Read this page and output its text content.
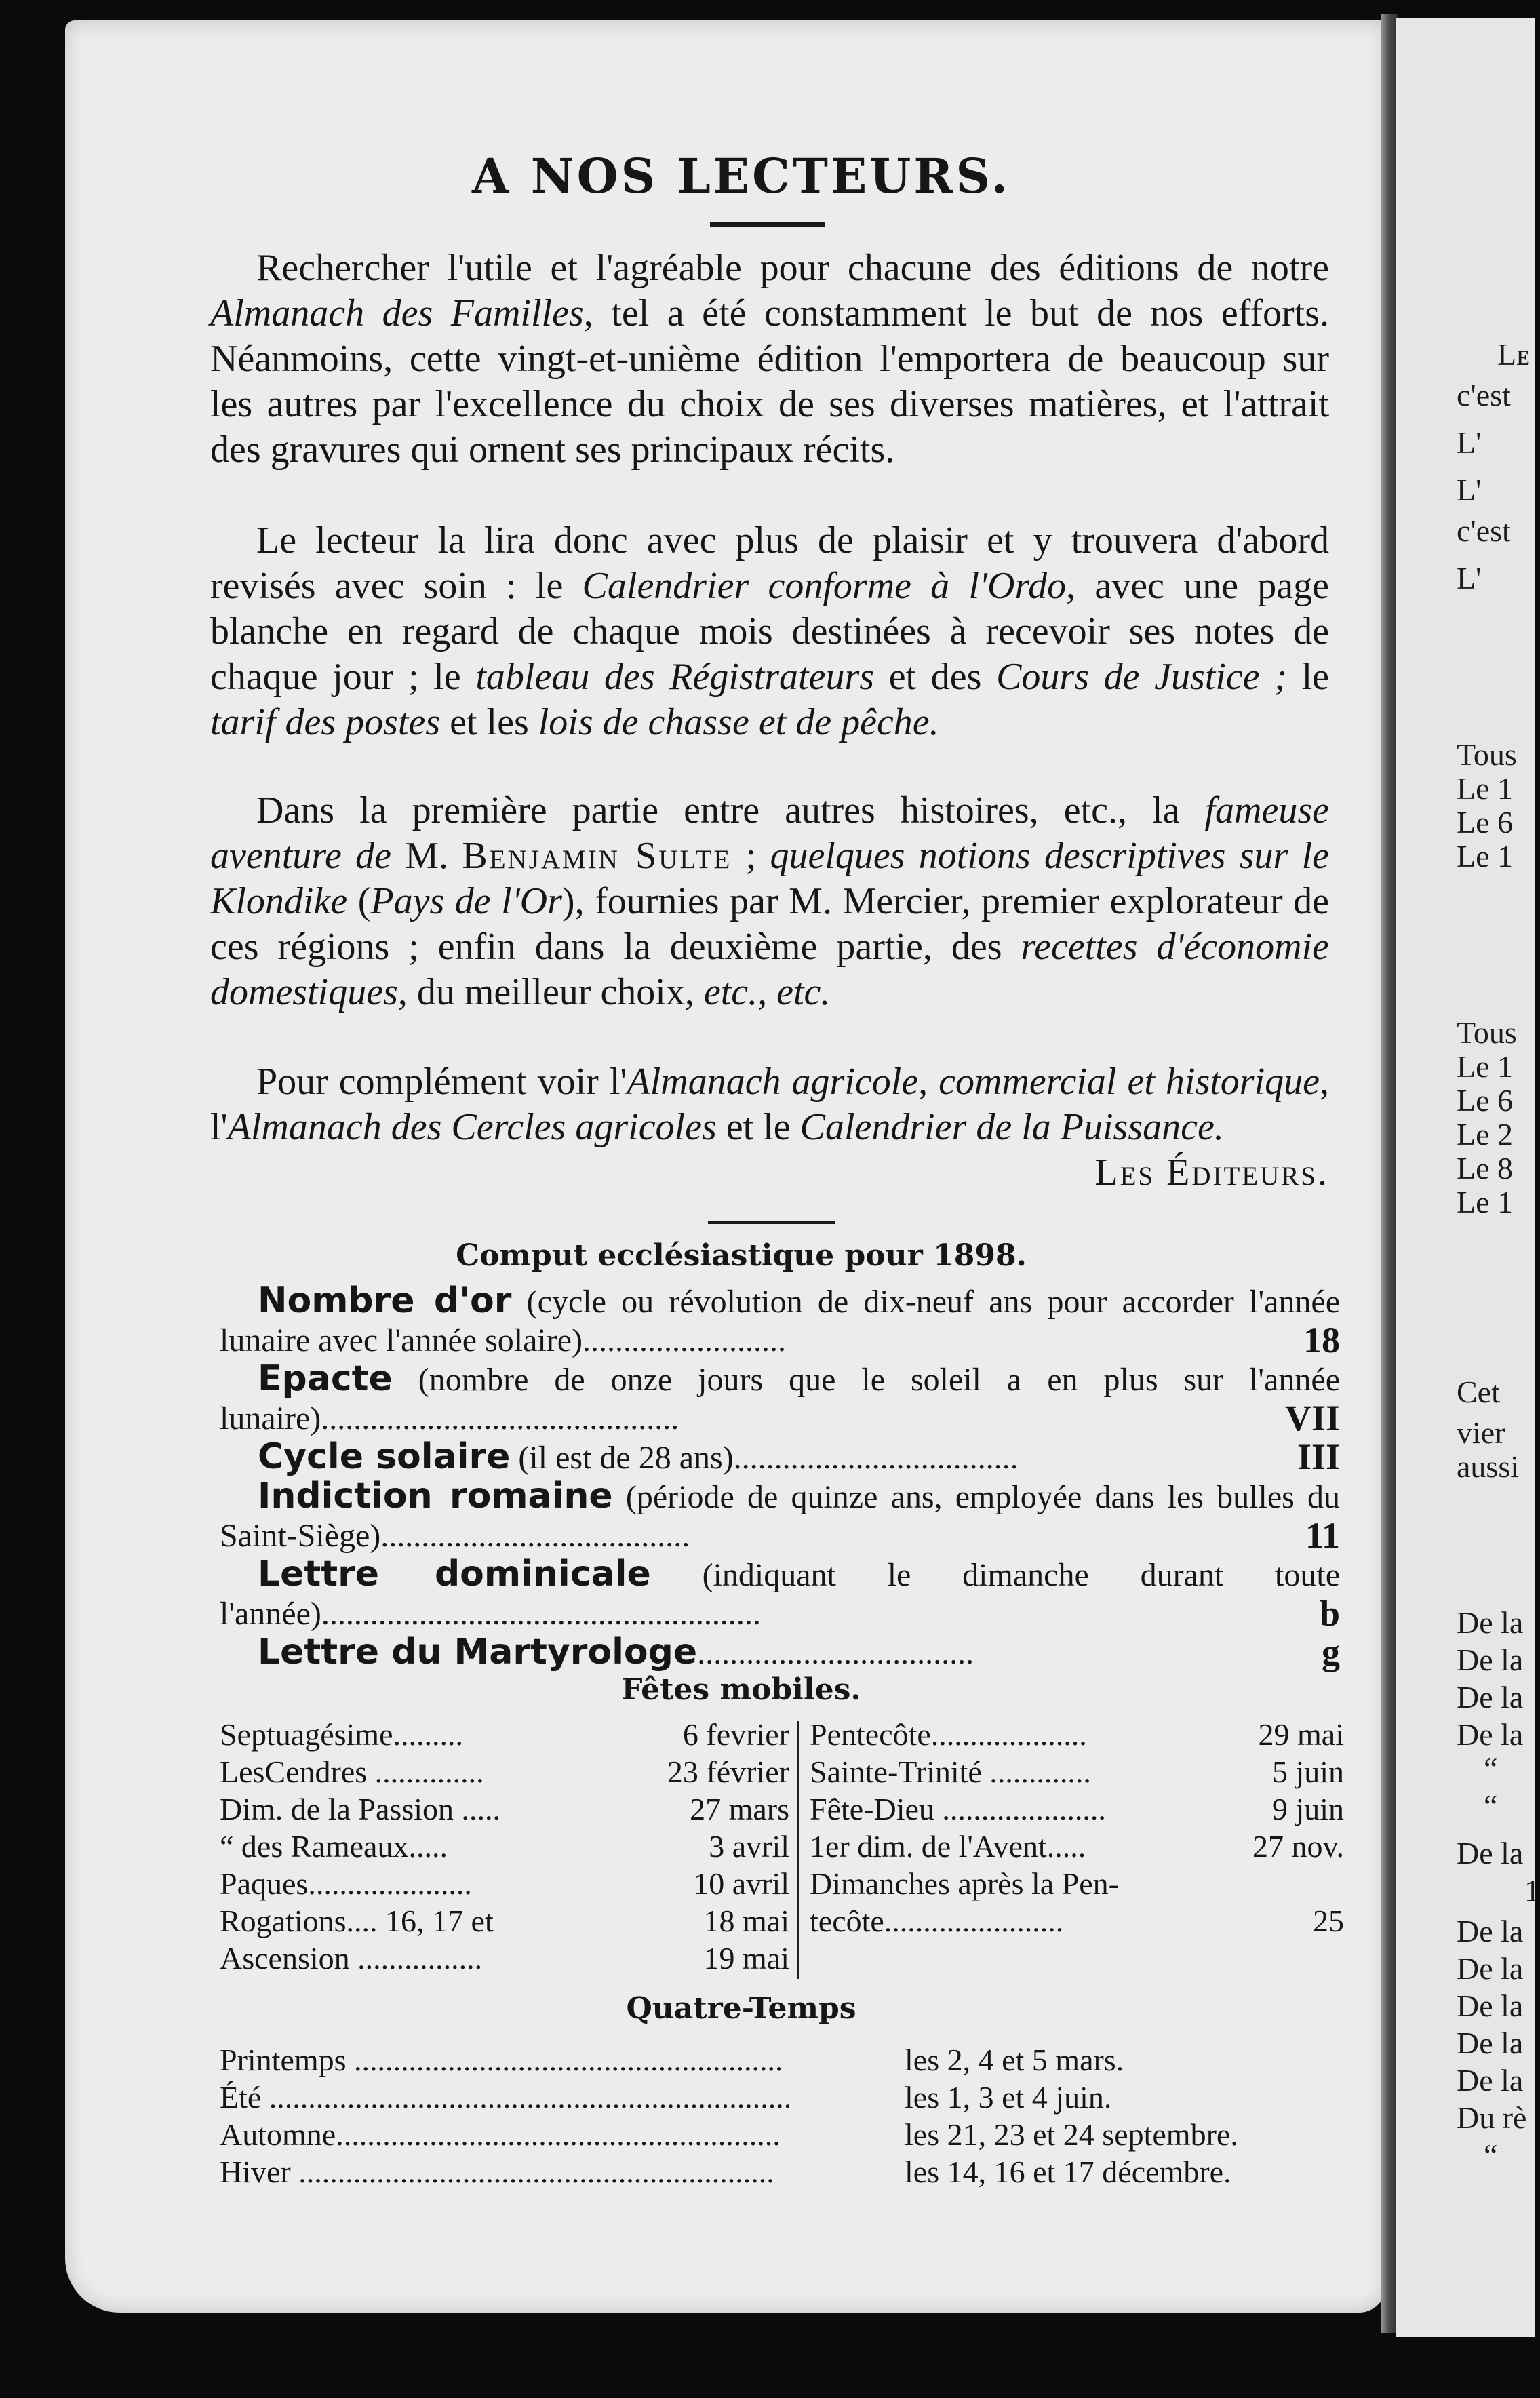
Lᴇ
c'est
L'
L'
c'est
L'
Tous
Le 1
Le 6
Le 1
Tous
Le 1
Le 6
Le 2
Le 8
Le 1
Cet
vier
aussi
De la
De la
De la
De la
“
“
De la
1
De la
De la
De la
De la
De la
Du rè
“
A NOS LECTEURS.

Rechercher l'utile et l'agréable pour chacune des éditions de notre Almanach des Familles, tel a été constamment le but de nos efforts. Néanmoins, cette vingt-et-unième édition l'emportera de beaucoup sur les autres par l'excellence du choix de ses diverses matières, et l'attrait des gravures qui ornent ses principaux récits.

Le lecteur la lira donc avec plus de plaisir et y trouvera d'abord revisés avec soin : le Calendrier conforme à l'Ordo, avec une page blanche en regard de chaque mois destinées à recevoir ses notes de chaque jour ; le tableau des Régistrateurs et des Cours de Justice ; le tarif des postes et les lois de chasse et de pêche.

Dans la première partie entre autres histoires, etc., la fameuse aventure de M. Benjamin Sulte ; quelques notions descriptives sur le Klondike (Pays de l'Or), fournies par M. Mercier, premier explorateur de ces régions ; enfin dans la deuxième partie, des recettes d'économie domestiques, du meilleur choix, etc., etc.

Pour complément voir l'Almanach agricole, commercial et historique, l'Almanach des Cercles agricoles et le Calendrier de la Puissance.
Les Éditeurs.

Comput ecclésiastique pour 1898.

Nombre d'or (cycle ou révolution de dix-neuf ans pour accorder l'année lunaire avec l'année solaire).........................	18

Epacte (nombre de onze jours que le soleil a en plus sur l'année lunaire)............................................	VII

Cycle solaire (il est de 28 ans)...................................	III

Indiction romaine (période de quinze ans, employée dans les bulles du Saint-Siège)......................................	11

Lettre dominicale (indiquant le dimanche durant toute l'année)......................................................	b

Lettre du Martyrologe..................................	g

Fêtes mobiles.
Septuagésime.........	6 fevrier
LesCendres ..............	23 février
Dim. de la Passion .....	27 mars
“ des Rameaux.....	3 avril
Paques.....................	10 avril
Rogations.... 16, 17 et	18 mai
Ascension ................	19 mai
Pentecôte....................	29 mai
Sainte-Trinité .............	5 juin
Fête-Dieu .....................	9 juin
1er dim. de l'Avent.....	27 nov.
Dimanches après la Pen-
tecôte.......................	25
Quatre-Temps
Printemps .......................................................	les 2, 4 et 5 mars.
Été ...................................................................	les 1, 3 et 4 juin.
Automne.........................................................	les 21, 23 et 24 septembre.
Hiver .............................................................	les 14, 16 et 17 décembre.
